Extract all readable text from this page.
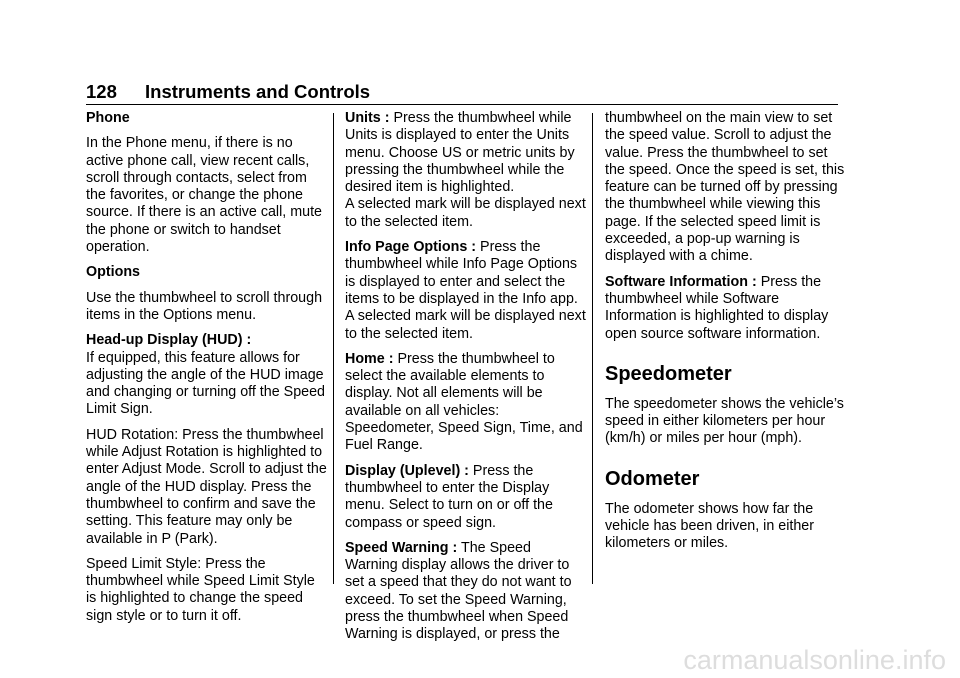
128 Instruments and Controls

Phone

In the Phone menu, if there is no active phone call, view recent calls, scroll through contacts, select from the favorites, or change the phone source. If there is an active call, mute the phone or switch to handset operation.

Options

Use the thumbwheel to scroll through items in the Options menu.

Head-up Display (HUD) :

If equipped, this feature allows for adjusting the angle of the HUD image and changing or turning off the Speed Limit Sign.

HUD Rotation: Press the thumbwheel while Adjust Rotation is highlighted to enter Adjust Mode. Scroll to adjust the angle of the HUD display. Press the thumbwheel to confirm and save the setting. This feature may only be available in P (Park).

Speed Limit Style: Press the thumbwheel while Speed Limit Style is highlighted to change the speed sign style or to turn it off.

Units : Press the thumbwheel while Units is displayed to enter the Units menu. Choose US or metric units by pressing the thumbwheel while the desired item is highlighted.

A selected mark will be displayed next to the selected item.

Info Page Options : Press the thumbwheel while Info Page Options is displayed to enter and select the items to be displayed in the Info app. A selected mark will be displayed next to the selected item.

Home : Press the thumbwheel to select the available elements to display. Not all elements will be available on all vehicles: Speedometer, Speed Sign, Time, and Fuel Range.

Display (Uplevel) : Press the thumbwheel to enter the Display menu. Select to turn on or off the compass or speed sign.

Speed Warning : The Speed Warning display allows the driver to set a speed that they do not want to exceed. To set the Speed Warning, press the thumbwheel when Speed Warning is displayed, or press the

thumbwheel on the main view to set the speed value. Scroll to adjust the value. Press the thumbwheel to set the speed. Once the speed is set, this feature can be turned off by pressing the thumbwheel while viewing this page. If the selected speed limit is exceeded, a pop-up warning is displayed with a chime.

Software Information : Press the thumbwheel while Software Information is highlighted to display open source software information.

Speedometer

The speedometer shows the vehicle’s speed in either kilometers per hour (km/h) or miles per hour (mph).

Odometer

The odometer shows how far the vehicle has been driven, in either kilometers or miles.

carmanualsonline.info
